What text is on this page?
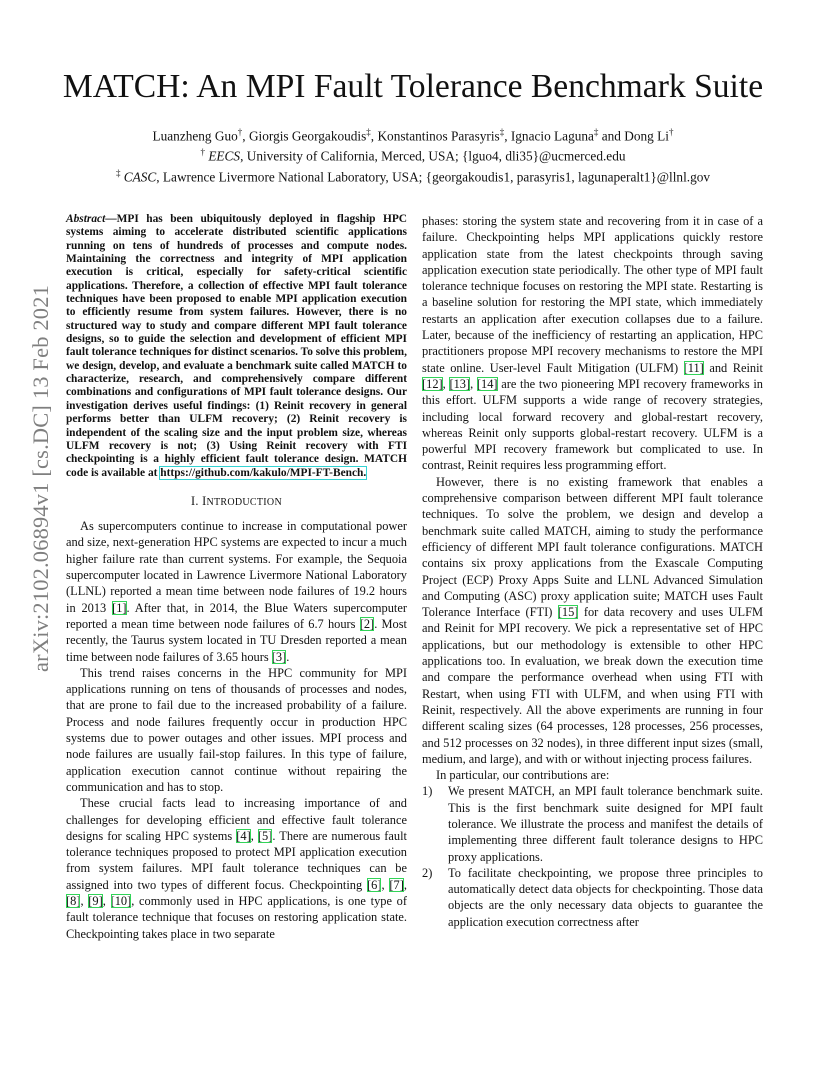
arXiv:2102.06894v1 [cs.DC] 13 Feb 2021
MATCH: An MPI Fault Tolerance Benchmark Suite
Luanzheng Guo†, Giorgis Georgakoudis‡, Konstantinos Parasyris‡, Ignacio Laguna‡ and Dong Li†
† EECS, University of California, Merced, USA; {lguo4, dli35}@ucmerced.edu
‡ CASC, Lawrence Livermore National Laboratory, USA; {georgakoudis1, parasyris1, lagunaperalt1}@llnl.gov

Abstract—MPI has been ubiquitously deployed in flagship HPC systems aiming to accelerate distributed scientific applications running on tens of hundreds of processes and compute nodes. Maintaining the correctness and integrity of MPI application execution is critical, especially for safety-critical scientific applications. Therefore, a collection of effective MPI fault tolerance techniques have been proposed to enable MPI application execution to efficiently resume from system failures. However, there is no structured way to study and compare different MPI fault tolerance designs, so to guide the selection and development of efficient MPI fault tolerance techniques for distinct scenarios. To solve this problem, we design, develop, and evaluate a benchmark suite called MATCH to characterize, research, and comprehensively compare different combinations and configurations of MPI fault tolerance designs. Our investigation derives useful findings: (1) Reinit recovery in general performs better than ULFM recovery; (2) Reinit recovery is independent of the scaling size and the input problem size, whereas ULFM recovery is not; (3) Using Reinit recovery with FTI checkpointing is a highly efficient fault tolerance design. MATCH code is available at https://github.com/kakulo/MPI-FT-Bench.

I. INTRODUCTION

As supercomputers continue to increase in computational power and size, next-generation HPC systems are expected to incur a much higher failure rate than current systems. For example, the Sequoia supercomputer located in Lawrence Livermore National Laboratory (LLNL) reported a mean time between node failures of 19.2 hours in 2013 [1]. After that, in 2014, the Blue Waters supercomputer reported a mean time between node failures of 6.7 hours [2]. Most recently, the Taurus system located in TU Dresden reported a mean time between node failures of 3.65 hours [3].

This trend raises concerns in the HPC community for MPI applications running on tens of thousands of processes and nodes, that are prone to fail due to the increased probability of a failure. Process and node failures frequently occur in production HPC systems due to power outages and other issues. MPI process and node failures are usually fail-stop failures. In this type of failure, application execution cannot continue without repairing the communication and has to stop.

These crucial facts lead to increasing importance of and challenges for developing efficient and effective fault tolerance designs for scaling HPC systems [4], [5]. There are numerous fault tolerance techniques proposed to protect MPI application execution from system failures. MPI fault tolerance techniques can be assigned into two types of different focus. Checkpointing [6], [7], [8], [9], [10], commonly used in HPC applications, is one type of fault tolerance technique that focuses on restoring application state. Checkpointing takes place in two separate

phases: storing the system state and recovering from it in case of a failure. Checkpointing helps MPI applications quickly restore application state from the latest checkpoints through saving application execution state periodically. The other type of MPI fault tolerance technique focuses on restoring the MPI state. Restarting is a baseline solution for restoring the MPI state, which immediately restarts an application after execution collapses due to a failure. Later, because of the inefficiency of restarting an application, HPC practitioners propose MPI recovery mechanisms to restore the MPI state online. User-level Fault Mitigation (ULFM) [11] and Reinit [12], [13], [14] are the two pioneering MPI recovery frameworks in this effort. ULFM supports a wide range of recovery strategies, including local forward recovery and global-restart recovery, whereas Reinit only supports global-restart recovery. ULFM is a powerful MPI recovery framework but complicated to use. In contrast, Reinit requires less programming effort.

However, there is no existing framework that enables a comprehensive comparison between different MPI fault tolerance techniques. To solve the problem, we design and develop a benchmark suite called MATCH, aiming to study the performance efficiency of different MPI fault tolerance configurations. MATCH contains six proxy applications from the Exascale Computing Project (ECP) Proxy Apps Suite and LLNL Advanced Simulation and Computing (ASC) proxy application suite; MATCH uses Fault Tolerance Interface (FTI) [15] for data recovery and uses ULFM and Reinit for MPI recovery. We pick a representative set of HPC applications, but our methodology is extensible to other HPC applications too. In evaluation, we break down the execution time and compare the performance overhead when using FTI with Restart, when using FTI with ULFM, and when using FTI with Reinit, respectively. All the above experiments are running in four different scaling sizes (64 processes, 128 processes, 256 processes, and 512 processes on 32 nodes), in three different input sizes (small, medium, and large), and with or without injecting process failures.

In particular, our contributions are:

1) We present MATCH, an MPI fault tolerance benchmark suite. This is the first benchmark suite designed for MPI fault tolerance. We illustrate the process and manifest the details of implementing three different fault tolerance designs to HPC proxy applications.
2) To facilitate checkpointing, we propose three principles to automatically detect data objects for checkpointing. Those data objects are the only necessary data objects to guarantee the application execution correctness after
